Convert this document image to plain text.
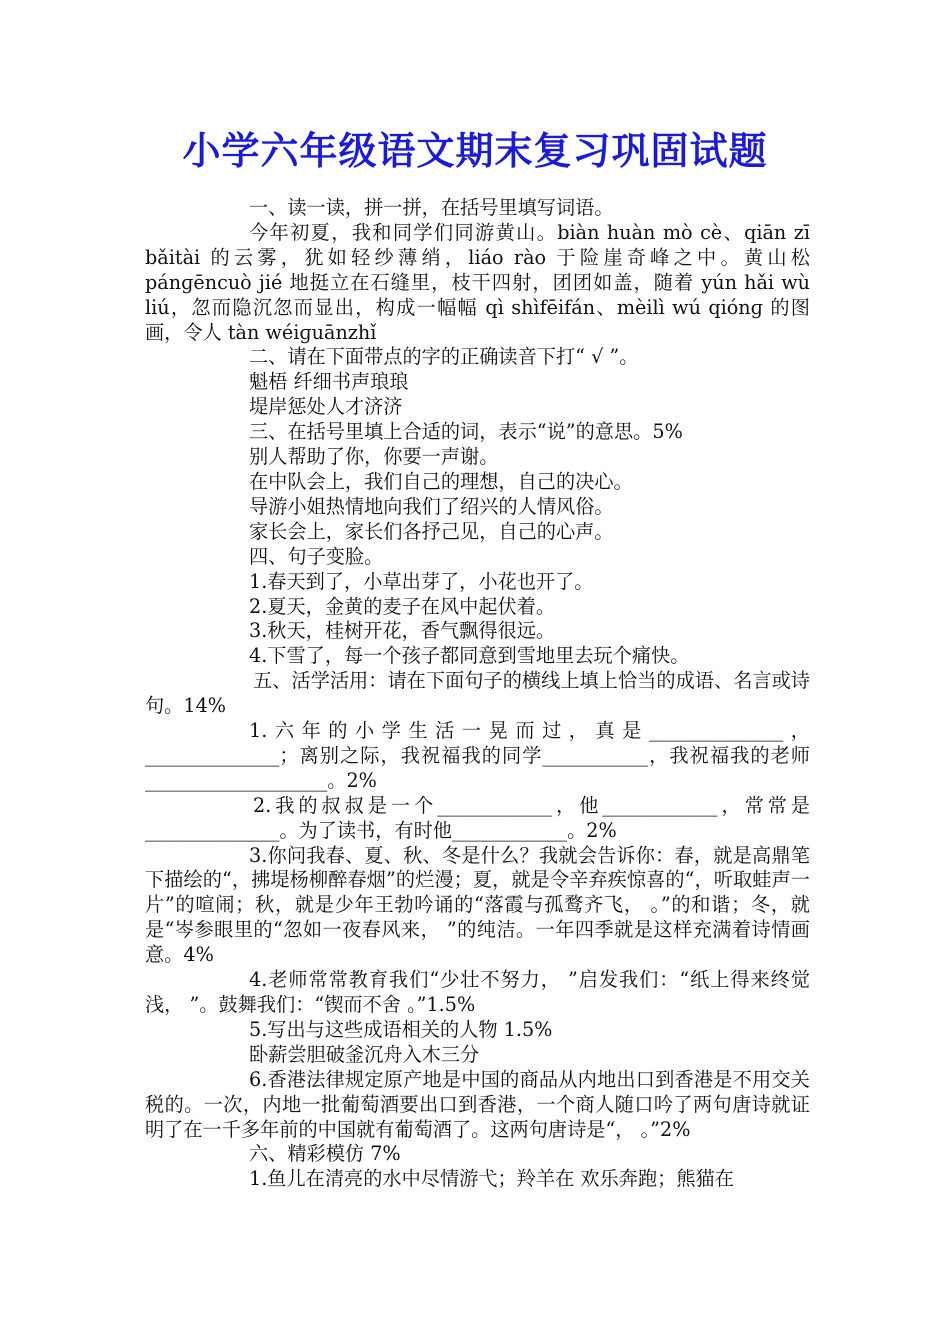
小学六年级语文期末复习巩固试题
一、读一读，拼一拼，在括号里填写词语。
今年初夏，我和同学们同游黄山。biàn huàn mò cè、qiān zī bǎitài 的云雾，犹如轻纱薄绡，liáo rào 于险崖奇峰之中。黄山松pánɡēncuò jié 地挺立在石缝里，枝干四射，团团如盖，随着 yún hǎi wù liú，忽而隐沉忽而显出，构成一幅幅 qì shìfēifán、mèilì wú qiónɡ 的图画，令人 tàn wéiɡuānzhǐ
二、请在下面带点的字的正确读音下打“ √ ”。
魁梧 纤细书声琅琅
堤岸惩处人才济济
三、在括号里填上合适的词，表示“说”的意思。5%
别人帮助了你，你要一声谢。
在中队会上，我们自己的理想，自己的决心。
导游小姐热情地向我们了绍兴的人情风俗。
家长会上，家长们各抒己见，自己的心声。
四、句子变脸。
1.春天到了，小草出芽了，小花也开了。
2.夏天，金黄的麦子在风中起伏着。
3.秋天，桂树开花，香气飘得很远。
4.下雪了，每一个孩子都同意到雪地里去玩个痛快。
五、活学活用：请在下面句子的横线上填上恰当的成语、名言或诗句。14%
1.六年的小学生活一晃而过，真是______________，______________；离别之际，我祝福我的同学___________，我祝福我的老师___________________。2%
2.我的叔叔是一个____________，他____________，常常是______________。为了读书，有时他____________。2%
3.你问我春、夏、秋、冬是什么？我就会告诉你：春，就是高鼎笔下描绘的“，拂堤杨柳醉春烟”的烂漫；夏，就是令辛弃疾惊喜的“，听取蛙声一片”的喧闹；秋，就是少年王勃吟诵的“落霞与孤鹜齐飞， 。”的和谐；冬，就是“岑参眼里的“忽如一夜春风来， ”的纯洁。一年四季就是这样充满着诗情画意。4%
4.老师常常教育我们“少壮不努力， ”启发我们：“纸上得来终觉浅， ”。鼓舞我们：“锲而不舍 。”1.5%
5.写出与这些成语相关的人物 1.5%
卧薪尝胆破釜沉舟入木三分
6.香港法律规定原产地是中国的商品从内地出口到香港是不用交关税的。一次，内地一批葡萄酒要出口到香港，一个商人随口吟了两句唐诗就证明了在一千多年前的中国就有葡萄酒了。这两句唐诗是“， 。”2%
六、精彩模仿 7%
1.鱼儿在清亮的水中尽情游弋；羚羊在 欢乐奔跑；熊猫在
